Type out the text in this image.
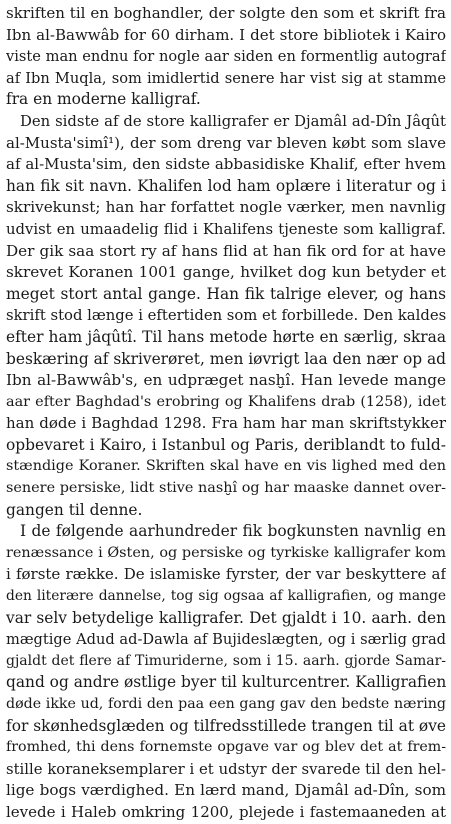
skriften til en boghandler, der solgte den som et skrift fra
Ibn al-Bawwâb for 60 dirham. I det store bibliotek i Kairo
viste man endnu for nogle aar siden en formentlig autograf
af Ibn Muqla, som imidlertid senere har vist sig at stamme
fra en moderne kalligraf.
Den sidste af de store kalligrafer er Djamâl ad-Dîn Jâqût
al-Musta'simî¹), der som dreng var bleven købt som slave
af al-Musta'sim, den sidste abbasidiske Khalif, efter hvem
han fik sit navn. Khalifen lod ham oplære i literatur og i
skrivekunst; han har forfattet nogle værker, men navnlig
udvist en umaadelig flid i Khalifens tjeneste som kalligraf.
Der gik saa stort ry af hans flid at han fik ord for at have
skrevet Koranen 1001 gange, hvilket dog kun betyder et
meget stort antal gange. Han fik talrige elever, og hans
skrift stod længe i eftertiden som et forbillede. Den kaldes
efter ham jâqûtî. Til hans metode hørte en særlig, skraa
beskæring af skriverøret, men iøvrigt laa den nær op ad
Ibn al-Bawwâb's, en udpræget nasḫî. Han levede mange
aar efter Baghdad's erobring og Khalifens drab (1258), idet
han døde i Baghdad 1298. Fra ham har man skriftstykker
opbevaret i Kairo, i Istanbul og Paris, deriblandt to fuld-
stændige Koraner. Skriften skal have en vis lighed med den
senere persiske, lidt stive nasḫî og har maaske dannet over-
gangen til denne.
I de følgende aarhundreder fik bogkunsten navnlig en
renæssance i Østen, og persiske og tyrkiske kalligrafer kom
i første række. De islamiske fyrster, der var beskyttere af
den literære dannelse, tog sig ogsaa af kalligrafien, og mange
var selv betydelige kalligrafer. Det gjaldt i 10. aarh. den
mægtige Adud ad-Dawla af Bujideslægten, og i særlig grad
gjaldt det flere af Timuriderne, som i 15. aarh. gjorde Samar-
qand og andre østlige byer til kulturcentrer. Kalligrafien
døde ikke ud, fordi den paa een gang gav den bedste næring
for skønhedsglæden og tilfredsstillede trangen til at øve
fromhed, thi dens fornemste opgave var og blev det at frem-
stille koraneksemplarer i et udstyr der svarede til den hel-
lige bogs værdighed. En lærd mand, Djamâl ad-Dîn, som
levede i Haleb omkring 1200, plejede i fastemaaneden at
